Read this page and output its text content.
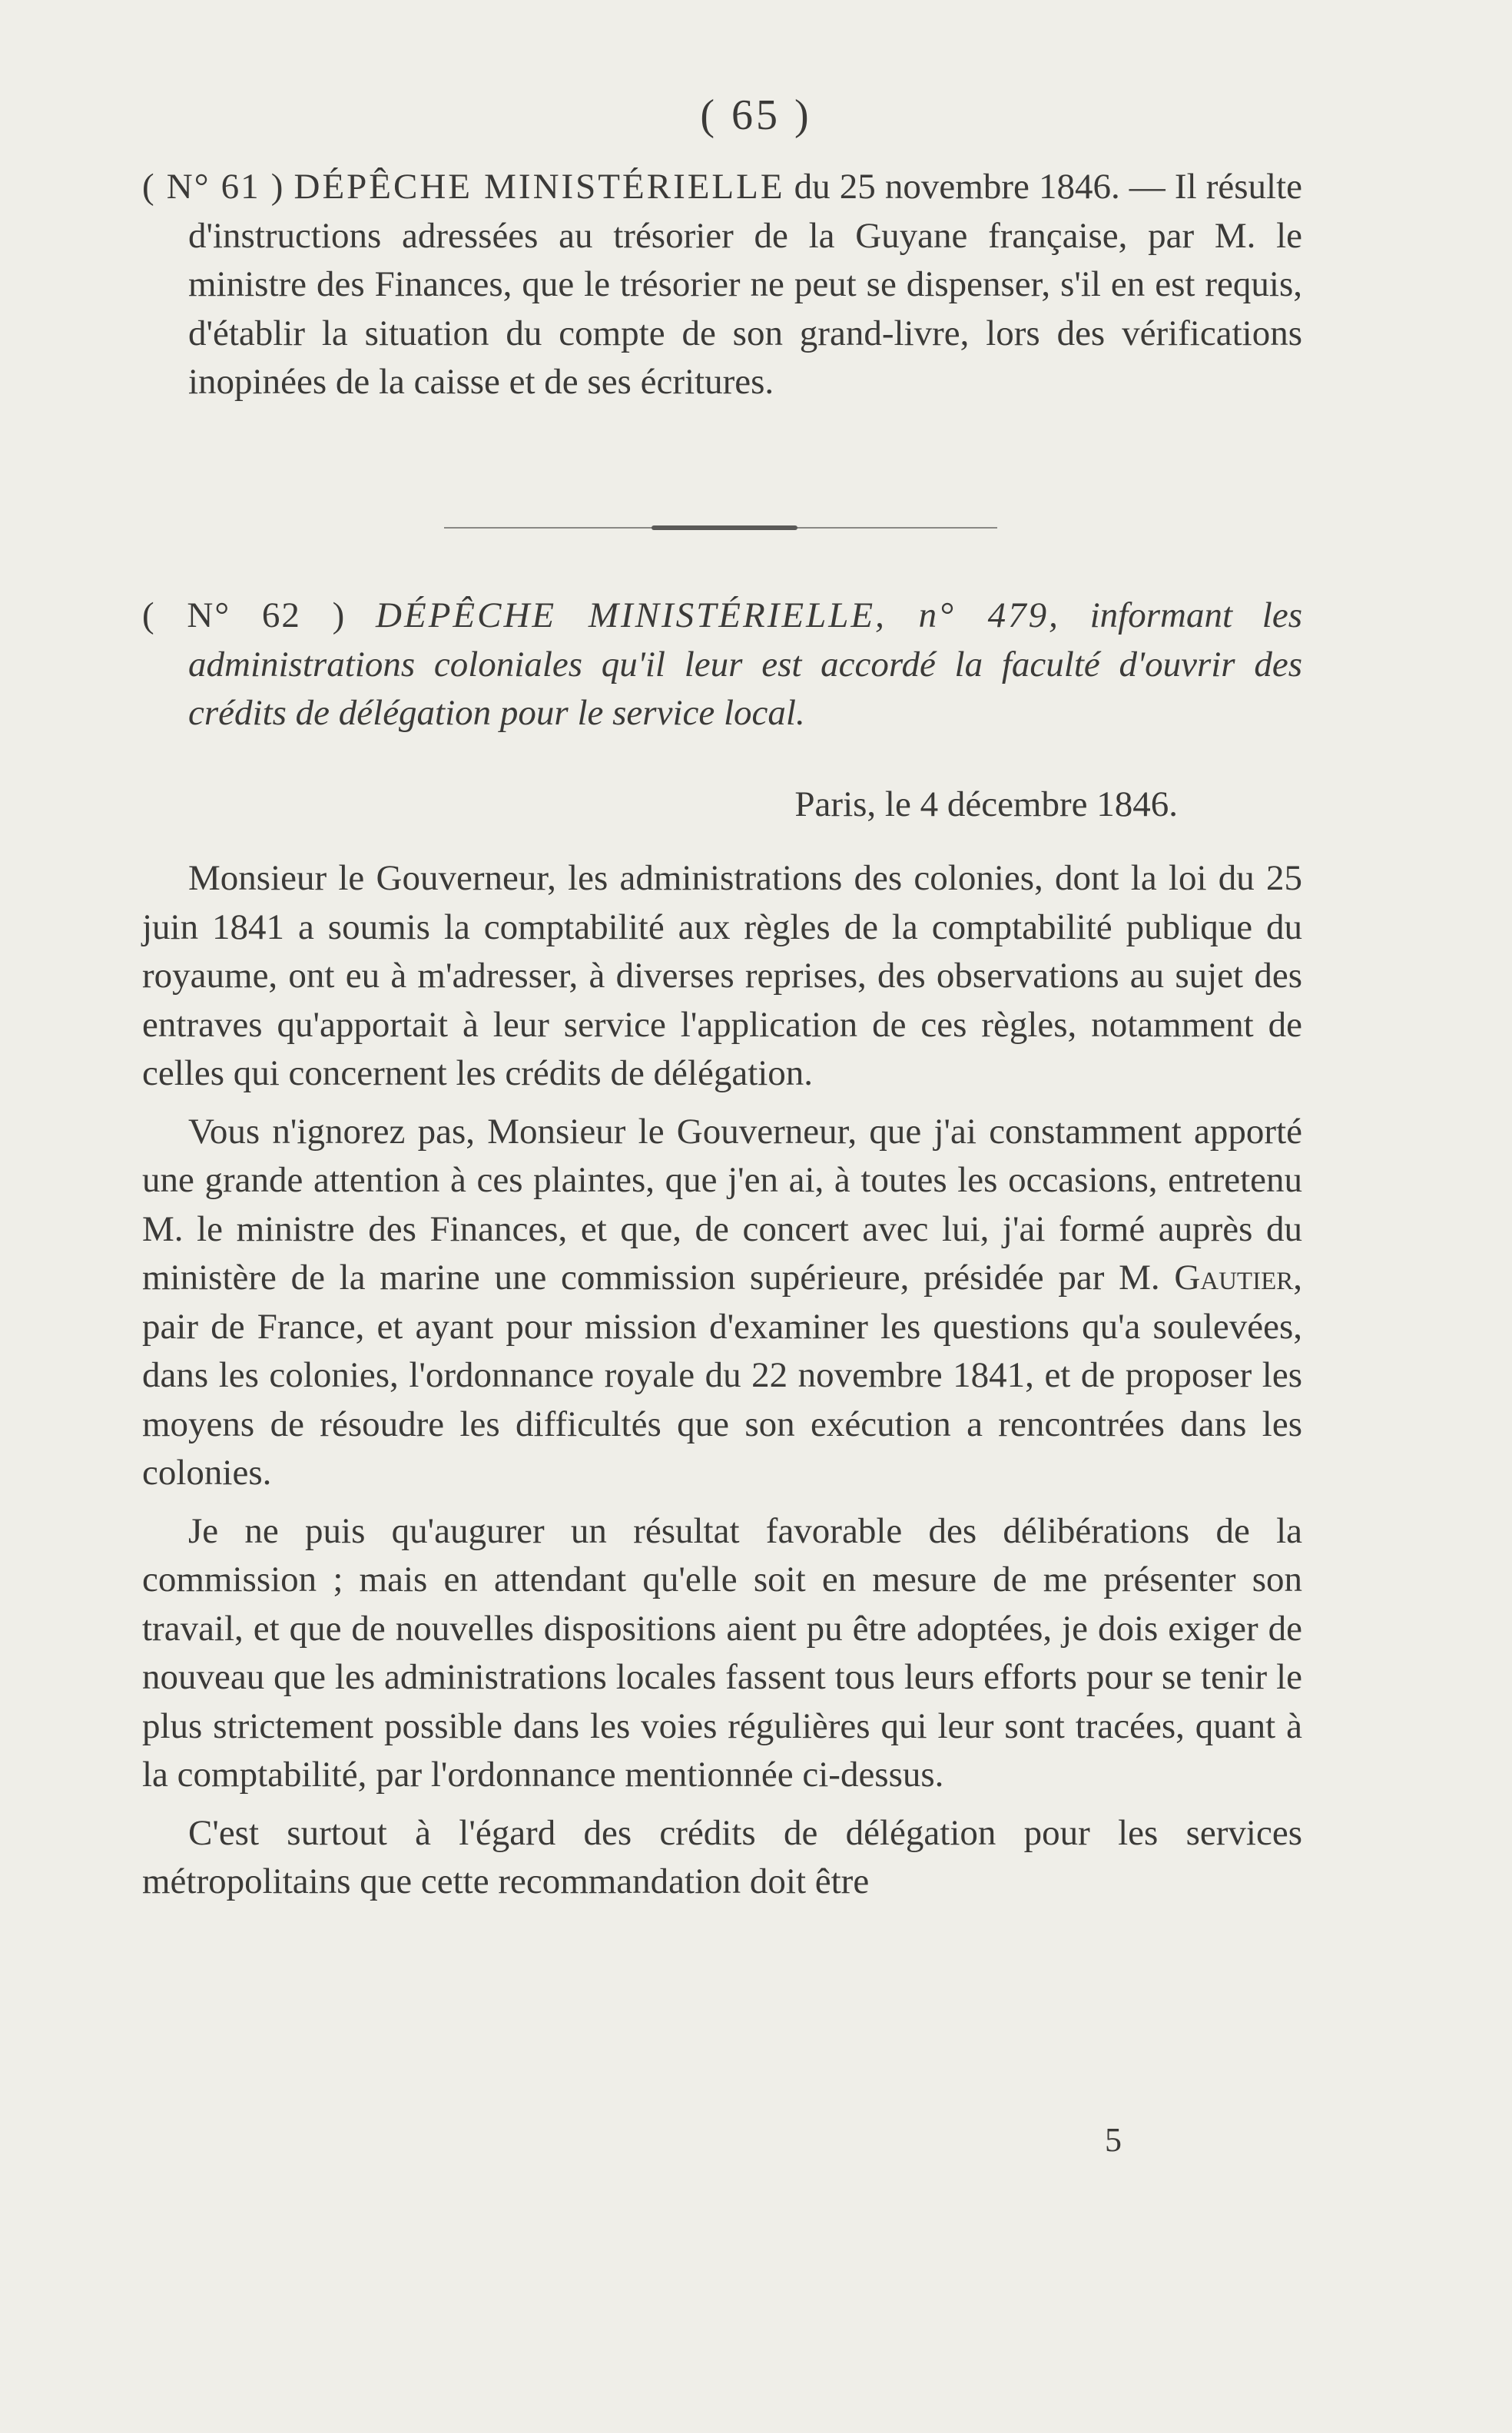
( 65 )

( N° 61 ) DÉPÊCHE MINISTÉRIELLE du 25 novembre 1846. — Il résulte d'instructions adressées au trésorier de la Guyane française, par M. le ministre des Finances, que le trésorier ne peut se dispenser, s'il en est requis, d'établir la situation du compte de son grand-livre, lors des vérifications inopinées de la caisse et de ses écritures.

( N° 62 ) DÉPÊCHE MINISTÉRIELLE, n° 479, informant les administrations coloniales qu'il leur est accordé la faculté d'ouvrir des crédits de délégation pour le service local.

Paris, le 4 décembre 1846.

Monsieur le Gouverneur, les administrations des colonies, dont la loi du 25 juin 1841 a soumis la comptabilité aux règles de la comptabilité publique du royaume, ont eu à m'adresser, à diverses reprises, des observations au sujet des entraves qu'apportait à leur service l'application de ces règles, notamment de celles qui concernent les crédits de délégation.

Vous n'ignorez pas, Monsieur le Gouverneur, que j'ai constamment apporté une grande attention à ces plaintes, que j'en ai, à toutes les occasions, entretenu M. le ministre des Finances, et que, de concert avec lui, j'ai formé auprès du ministère de la marine une commission supérieure, présidée par M. Gautier, pair de France, et ayant pour mission d'examiner les questions qu'a soulevées, dans les colonies, l'ordonnance royale du 22 novembre 1841, et de proposer les moyens de résoudre les difficultés que son exécution a rencontrées dans les colonies.

Je ne puis qu'augurer un résultat favorable des délibérations de la commission ; mais en attendant qu'elle soit en mesure de me présenter son travail, et que de nouvelles dispositions aient pu être adoptées, je dois exiger de nouveau que les administrations locales fassent tous leurs efforts pour se tenir le plus strictement possible dans les voies régulières qui leur sont tracées, quant à la comptabilité, par l'ordonnance mentionnée ci-dessus.

C'est surtout à l'égard des crédits de délégation pour les services métropolitains que cette recommandation doit être

5
